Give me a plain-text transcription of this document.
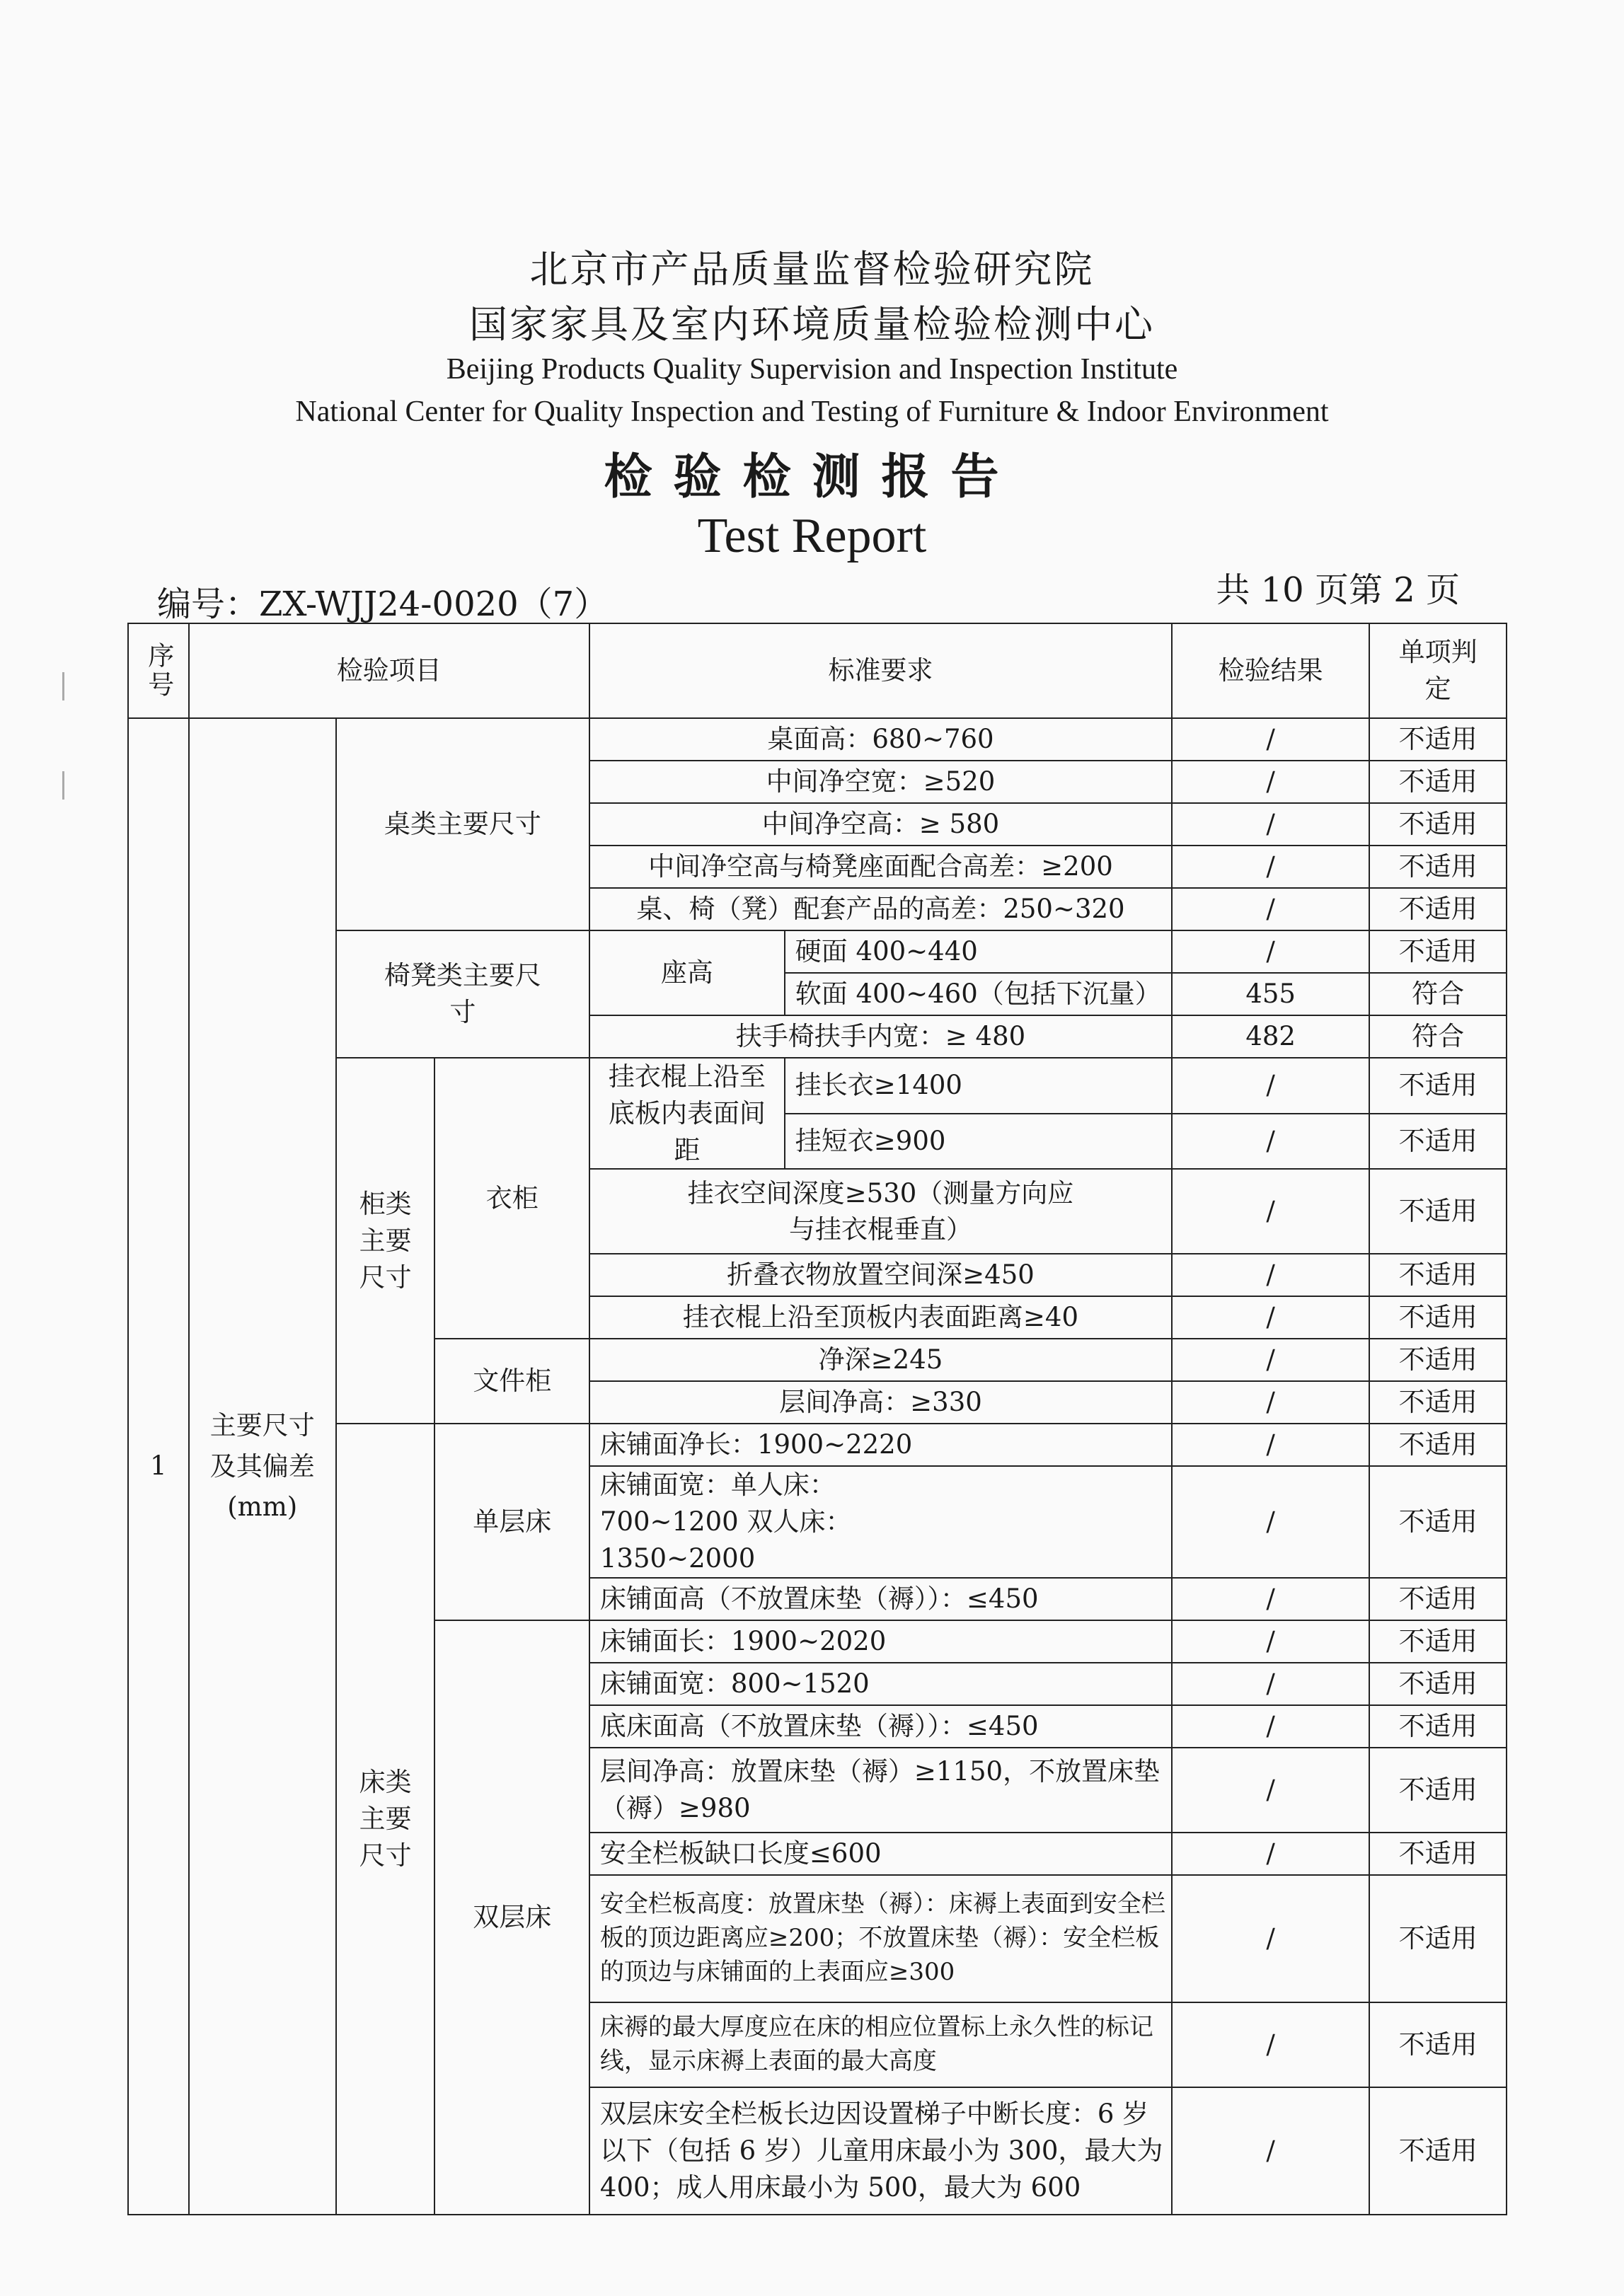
北京市产品质量监督检验研究院
国家家具及室内环境质量检验检测中心
Beijing Products Quality Supervision and Inspection Institute
National Center for Quality Inspection and Testing of Furniture & Indoor Environment
检验检测报告
Test Report
编号：ZX-WJJ24-0020（7）	共 10 页第 2 页
序号	检验项目			标准要求		检验结果	单项判定
1	主要尺寸及其偏差(mm)	桌类主要尺寸		桌面高：680~760		/	不适用
				中间净空宽：≥520		/	不适用
				中间净空高：≥ 580		/	不适用
				中间净空高与椅凳座面配合高差：≥200		/	不适用
				桌、椅（凳）配套产品的高差：250~320		/	不适用
		椅凳类主要尺寸		座高	硬面 400~440	/	不适用
					软面 400~460（包括下沉量）	455	符合
				扶手椅扶手内宽：≥ 480		482	符合
		柜类主要尺寸	衣柜	挂衣棍上沿至底板内表面间距	挂长衣≥1400	/	不适用
					挂短衣≥900	/	不适用
				挂衣空间深度≥530（测量方向应与挂衣棍垂直）		/	不适用
				折叠衣物放置空间深≥450		/	不适用
				挂衣棍上沿至顶板内表面距离≥40		/	不适用
			文件柜	净深≥245		/	不适用
				层间净高：≥330		/	不适用
		床类主要尺寸	单层床	床铺面净长：1900~2220		/	不适用
				床铺面宽：单人床：700~1200 双人床：1350~2000		/	不适用
				床铺面高（不放置床垫（褥））：≤450		/	不适用
			双层床	床铺面长：1900~2020		/	不适用
				床铺面宽：800~1520		/	不适用
				底床面高（不放置床垫（褥））：≤450		/	不适用
				层间净高：放置床垫（褥）≥1150，不放置床垫（褥）≥980		/	不适用
				安全栏板缺口长度≤600		/	不适用
				安全栏板高度：放置床垫（褥）：床褥上表面到安全栏板的顶边距离应≥200；不放置床垫（褥）：安全栏板的顶边与床铺面的上表面应≥300		/	不适用
				床褥的最大厚度应在床的相应位置标上永久性的标记线，显示床褥上表面的最大高度		/	不适用
				双层床安全栏板长边因设置梯子中断长度：6 岁以下（包括 6 岁）儿童用床最小为 300，最大为 400；成人用床最小为 500，最大为 600		/	不适用
